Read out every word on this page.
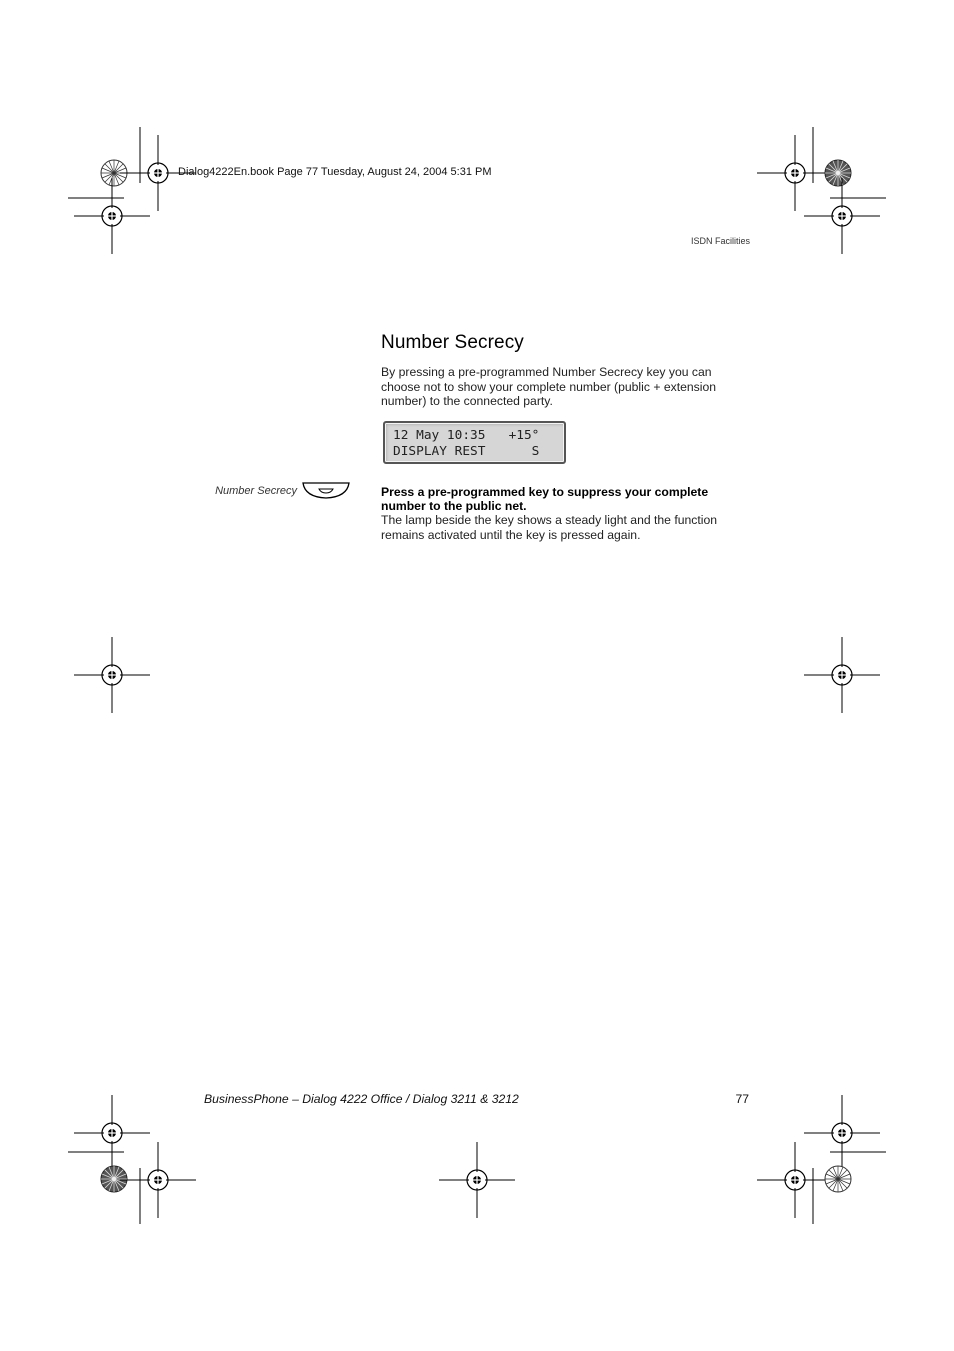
Dialog4222En.book Page 77 Tuesday, August 24, 2004 5:31 PM
ISDN Facilities
Number Secrecy

By pressing a pre-programmed Number Secrecy key you can choose not to show your complete number (public + extension number) to the connected party.

12 May 10:35   +15°
DISPLAY REST      S
Number Secrecy	Press a pre-programmed key to suppress your complete number to the public net.

The lamp beside the key shows a steady light and the function remains activated until the key is pressed again.

BusinessPhone – Dialog 4222 Office / Dialog 3211 & 3212	77
